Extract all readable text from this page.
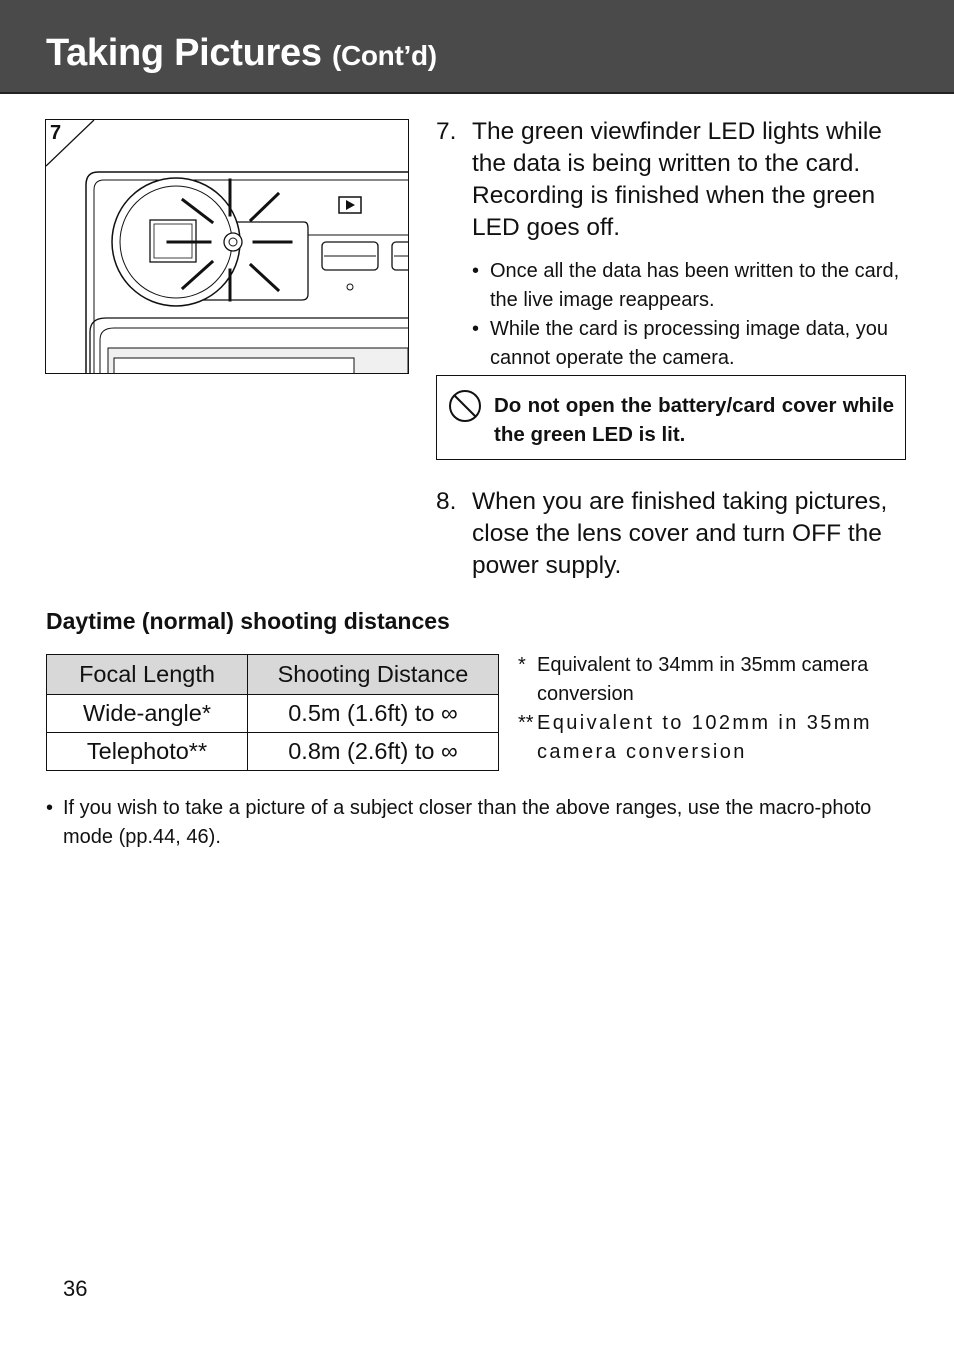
Taking Pictures (Cont’d)
7	7. The green viewfinder LED lights while the data is being written to the card. Recording is finished when the green LED goes off.
• Once all the data has been written to the card, the live image reappears.
• While the card is processing image data, you cannot operate the camera.
Do not open the battery/card cover while the green LED is lit.
8. When you are finished taking pictures, close the lens cover and turn OFF the power supply.
Daytime (normal) shooting distances
Focal Length	Shooting Distance
Wide-angle*	0.5m (1.6ft) to ∞
Telephoto**	0.8m (2.6ft) to ∞
* Equivalent to 34mm in 35mm camera conversion
** Equivalent to 102mm in 35mm camera conversion
• If you wish to take a picture of a subject closer than the above ranges, use the macro-photo mode (pp.44, 46).
36
